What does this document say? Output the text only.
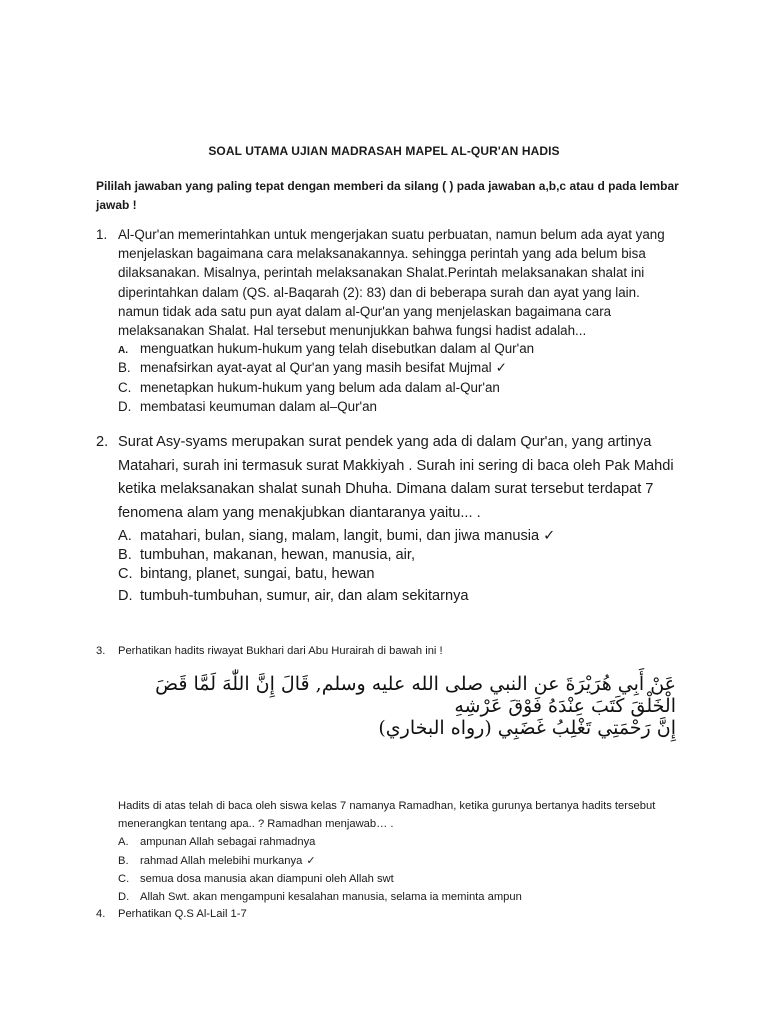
SOAL UTAMA UJIAN MADRASAH MAPEL AL-QUR'AN HADIS
Pililah jawaban yang paling tepat dengan memberi da silang ( ) pada jawaban a,b,c atau d pada lembar jawab !
1. Al-Qur'an memerintahkan untuk mengerjakan suatu perbuatan, namun belum ada ayat yang menjelaskan bagaimana cara melaksanakannya. sehingga perintah yang ada belum bisa dilaksanakan. Misalnya, perintah melaksanakan Shalat.Perintah melaksanakan shalat ini diperintahkan dalam (QS. al-Baqarah (2): 83) dan di beberapa surah dan ayat yang lain. namun tidak ada satu pun ayat dalam al-Qur'an yang menjelaskan bagaimana cara melaksanakan Shalat. Hal tersebut menunjukkan bahwa fungsi hadist adalah...
A. menguatkan hukum-hukum yang telah disebutkan dalam al Qur'an
B. menafsirkan ayat-ayat al Qur'an yang masih besifat Mujmal ✓
C. menetapkan hukum-hukum yang belum ada dalam al-Qur'an
D. membatasi keumuman dalam al–Qur'an
2. Surat Asy-syams merupakan surat pendek yang ada di dalam Qur'an, yang artinya Matahari, surah ini termasuk surat Makkiyah . Surah ini sering di baca oleh Pak Mahdi ketika melaksanakan shalat sunah Dhuha. Dimana dalam surat tersebut terdapat 7 fenomena alam yang menakjubkan diantaranya yaitu... .
A. matahari, bulan, siang, malam, langit, bumi, dan jiwa manusia ✓
B. tumbuhan, makanan, hewan, manusia, air,
C. bintang, planet, sungai, batu, hewan
D. tumbuh-tumbuhan, sumur, air, dan alam sekitarnya
3. Perhatikan hadits riwayat Bukhari dari Abu Hurairah di bawah ini !
عَنْ أَبِي هُرَيْرَةَ عن النبي صلى الله عليه وسلم, قَالَ إِنَّ اللّٰهَ لَمَّا قَضَ الْخَلْقَ كَتَبَ عِنْدَهُ فَوْقَ عَرْشِهِ
إِنَّ رَحْمَتِي تَغْلِبُ غَضَبِي (رواه البخاري)
Hadits di atas telah di baca oleh siswa kelas 7 namanya Ramadhan, ketika gurunya bertanya hadits tersebut menerangkan tentang apa.. ? Ramadhan menjawab… .
A.	ampunan Allah sebagai rahmadnya
B.	rahmad Allah melebihi murkanya ✓
C. semua dosa manusia akan diampuni oleh Allah swt
D. Allah Swt. akan mengampuni kesalahan manusia, selama ia meminta ampun
4. Perhatikan Q.S Al-Lail 1-7
